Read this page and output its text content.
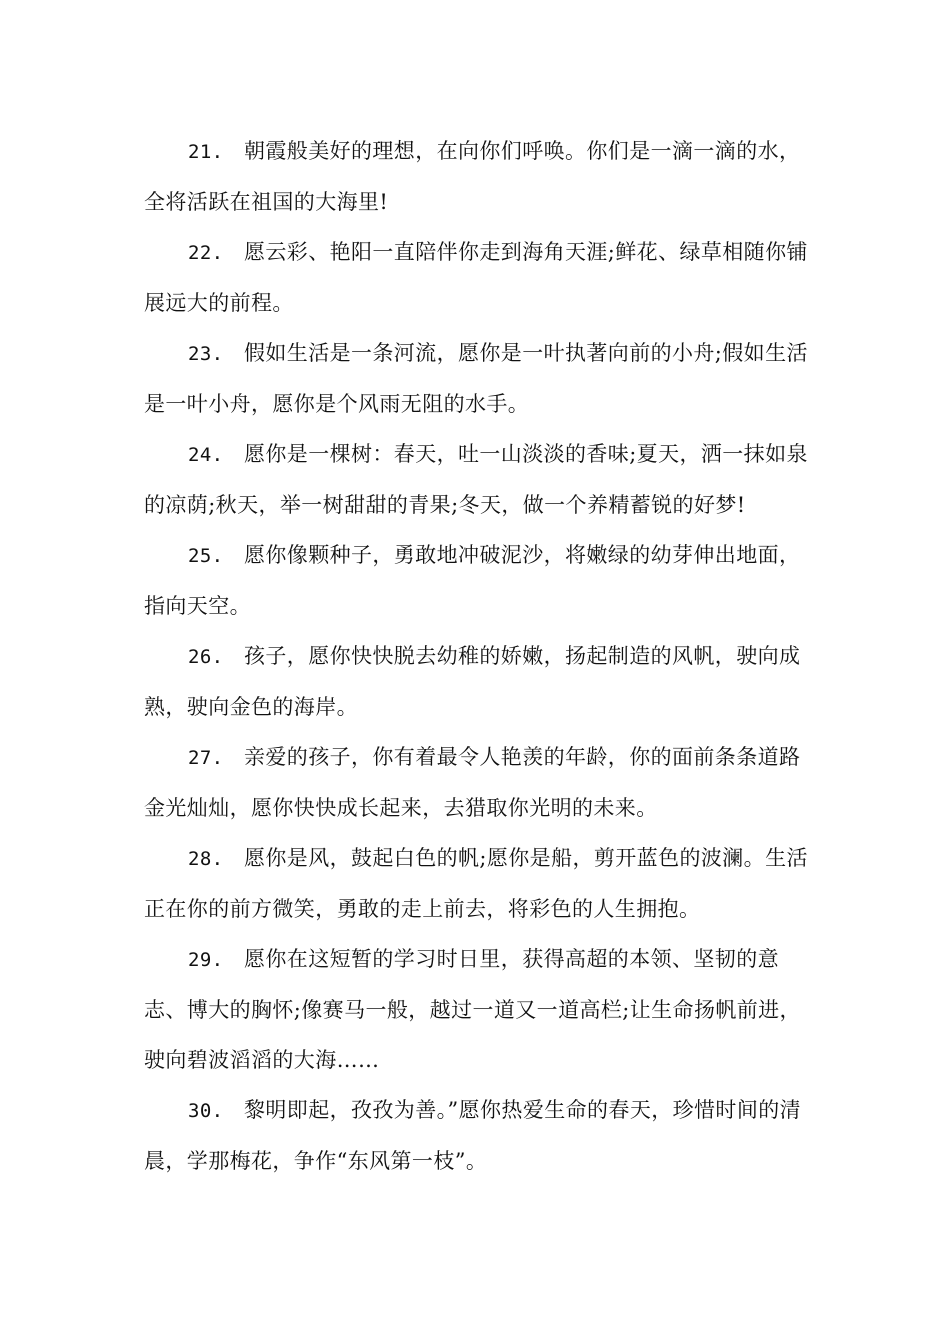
21. 朝霞般美好的理想，在向你们呼唤。你们是一滴一滴的水，全将活跃在祖国的大海里!

22. 愿云彩、艳阳一直陪伴你走到海角天涯;鲜花、绿草相随你铺展远大的前程。

23. 假如生活是一条河流，愿你是一叶执著向前的小舟;假如生活是一叶小舟，愿你是个风雨无阻的水手。

24. 愿你是一棵树：春天，吐一山淡淡的香味;夏天，洒一抹如泉的凉荫;秋天，举一树甜甜的青果;冬天，做一个养精蓄锐的好梦!

25. 愿你像颗种子，勇敢地冲破泥沙，将嫩绿的幼芽伸出地面，指向天空。

26. 孩子，愿你快快脱去幼稚的娇嫩，扬起制造的风帆，驶向成熟，驶向金色的海岸。

27. 亲爱的孩子，你有着最令人艳羡的年龄，你的面前条条道路金光灿灿，愿你快快成长起来，去猎取你光明的未来。

28. 愿你是风，鼓起白色的帆;愿你是船，剪开蓝色的波澜。生活正在你的前方微笑，勇敢的走上前去，将彩色的人生拥抱。

29. 愿你在这短暂的学习时日里，获得高超的本领、坚韧的意志、博大的胸怀;像赛马一般，越过一道又一道高栏;让生命扬帆前进，驶向碧波滔滔的大海……

30. 黎明即起，孜孜为善。”愿你热爱生命的春天，珍惜时间的清晨，学那梅花，争作“东风第一枝”。
